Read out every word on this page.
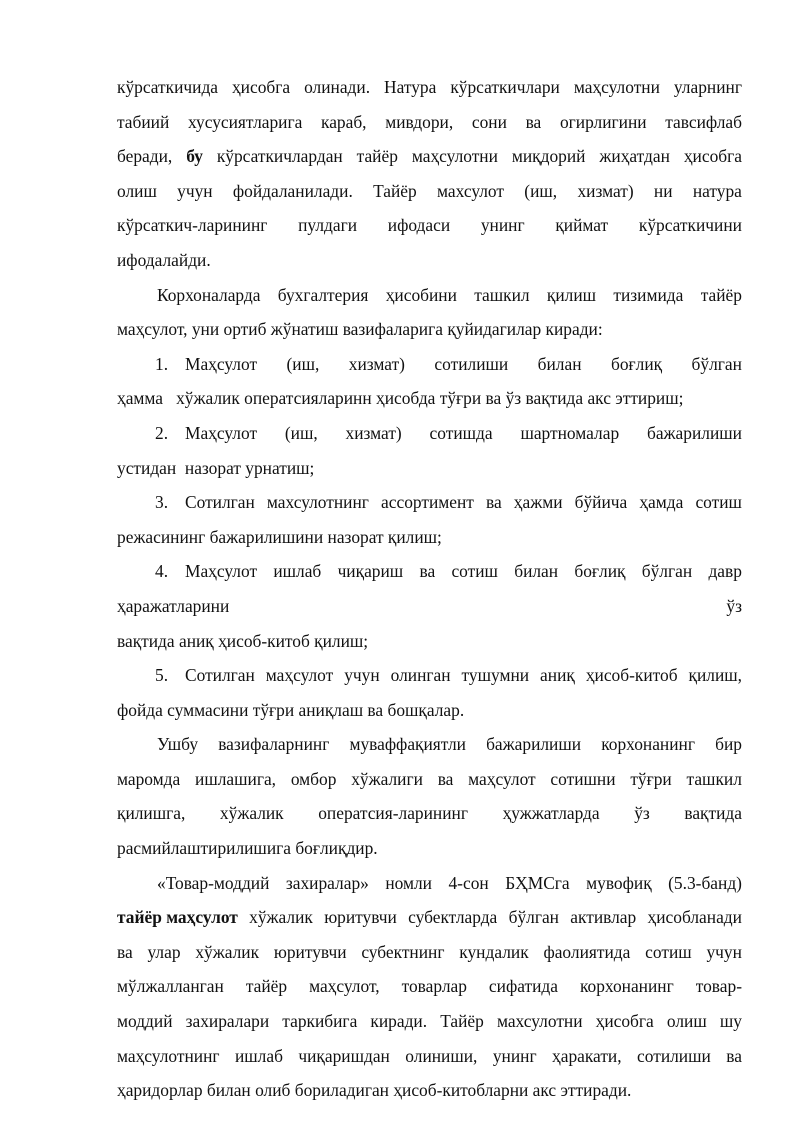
кўрсаткичида ҳисобга олинади. Натура кўрсаткичлари маҳсулотни уларнинг
табиий хусусиятларига караб, мивдори, сони ва огирлигини тавсифлаб
беради, бу кўрсаткичлардан тайёр маҳсулотни миқдорий жиҳатдан ҳисобга
олиш учун фойдаланилади. Тайёр махсулот (иш, хизмат) ни натура
кўрсаткич-ларининг пулдаги ифодаси унинг қиймат кўрсаткичини
ифодалайди.
Корхоналарда бухгалтерия ҳисобини ташкил қилиш тизимида тайёр
маҳсулот, уни ортиб жўнатиш вазифаларига қуйидагилар киради:
1. Маҳсулот (иш, хизмат) сотилиши билан боғлиқ бўлган
ҳамма   хўжалик оператсияларинн ҳисобда тўғри ва ўз вақтида акс эттириш;
2. Маҳсулот (иш, хизмат) сотишда шартномалар бажарилиши
устидан  назорат урнатиш;
3. Сотилган махсулотнинг ассортимент ва ҳажми бўйича ҳамда сотиш
режасининг бажарилишини назорат қилиш;
4. Маҳсулот ишлаб чиқариш ва сотиш билан боғлиқ бўлган давр
ҳаражатларини	ўз
вақтида аниқ ҳисоб-китоб қилиш;
5. Сотилган маҳсулот учун олинган тушумни аниқ ҳисоб-китоб қилиш,
фойда суммасини тўғри аниқлаш ва бошқалар.
Ушбу вазифаларнинг муваффақиятли бажарилиши корхонанинг бир
маромда ишлашига, омбор хўжалиги ва маҳсулот сотишни тўғри ташкил
қилишга, хўжалик оператсия-ларининг ҳужжатларда ўз вақтида
расмийлаштирилишига боғлиқдир.
«Товар-моддий захиралар» номли 4-сон БҲМСга мувофиқ (5.3-банд)
тайёр маҳсулот хўжалик юритувчи субектларда бўлган активлар ҳисобланади
ва улар хўжалик юритувчи субектнинг кундалик фаолиятида сотиш учун
мўлжалланган тайёр маҳсулот, товарлар сифатида корхонанинг товар-
моддий захиралари таркибига киради. Тайёр махсулотни ҳисобга олиш шу
маҳсулотнинг ишлаб чиқаришдан олиниши, унинг ҳаракати, сотилиши ва
ҳаридорлар билан олиб бориладиган ҳисоб-китобларни акс эттиради.
